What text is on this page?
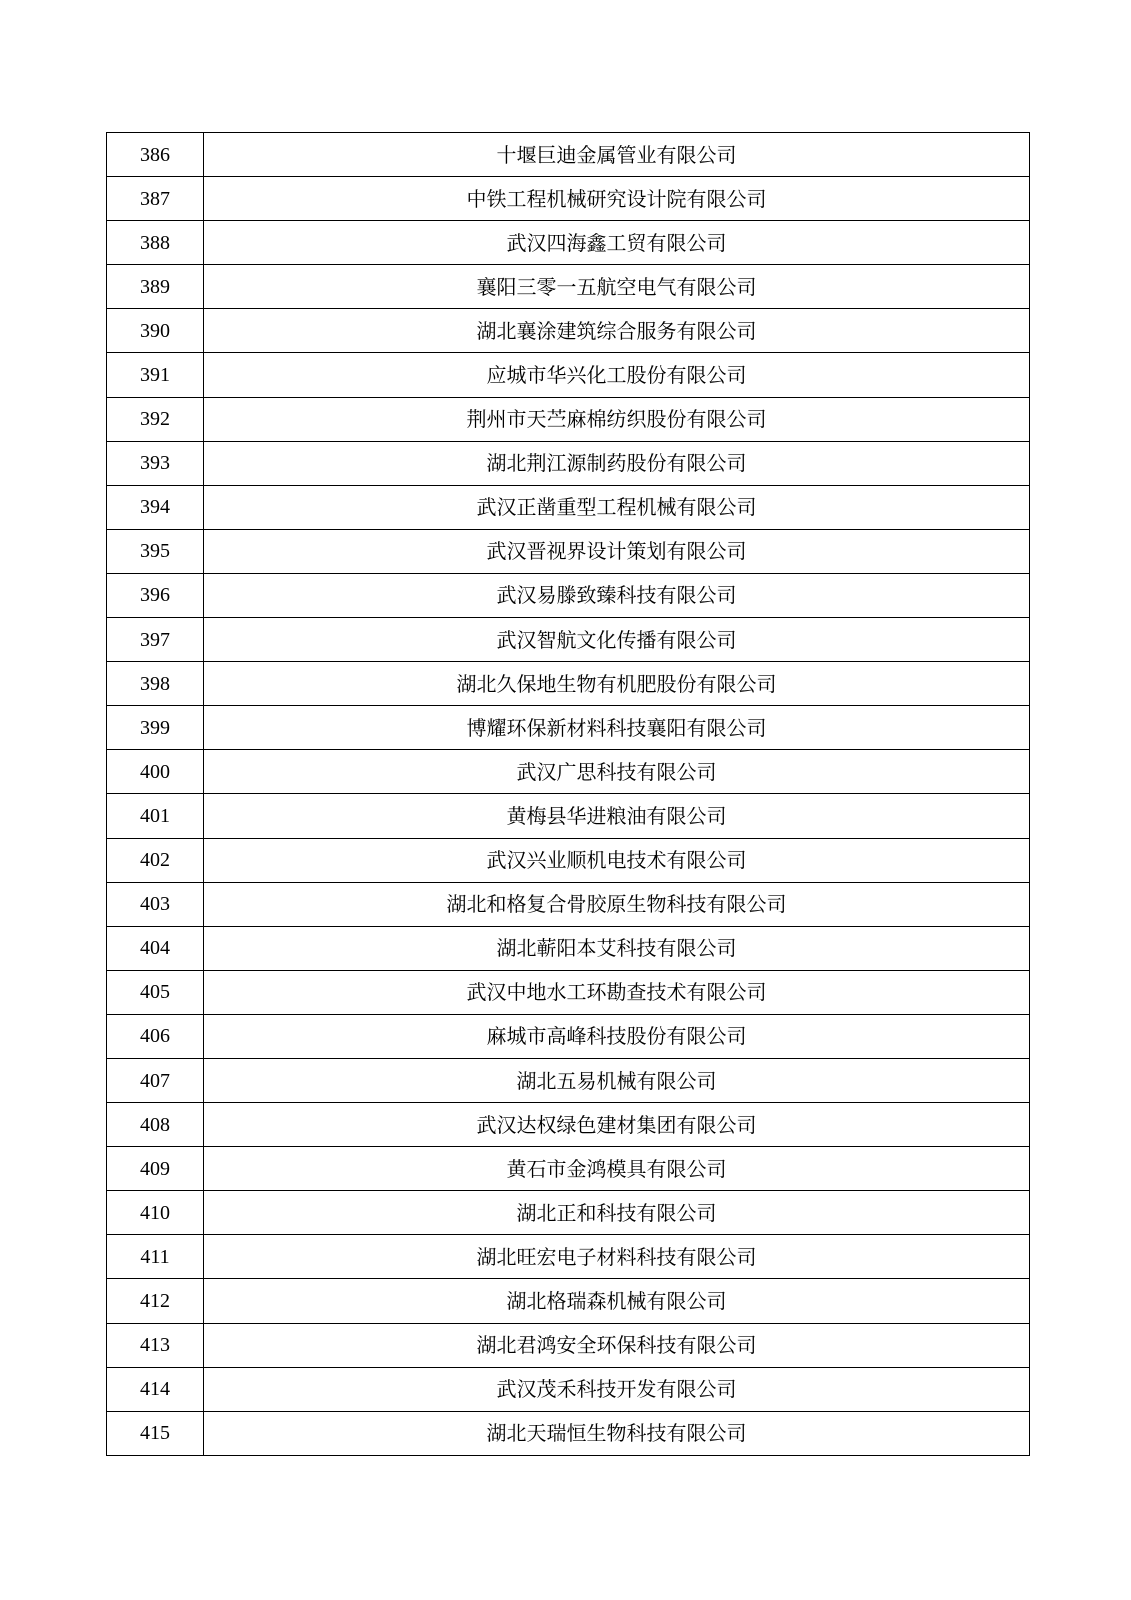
386	十堰巨迪金属管业有限公司
387	中铁工程机械研究设计院有限公司
388	武汉四海鑫工贸有限公司
389	襄阳三零一五航空电气有限公司
390	湖北襄涂建筑综合服务有限公司
391	应城市华兴化工股份有限公司
392	荆州市天苎麻棉纺织股份有限公司
393	湖北荆江源制药股份有限公司
394	武汉正凿重型工程机械有限公司
395	武汉晋视界设计策划有限公司
396	武汉易滕致臻科技有限公司
397	武汉智航文化传播有限公司
398	湖北久保地生物有机肥股份有限公司
399	博耀环保新材料科技襄阳有限公司
400	武汉广思科技有限公司
401	黄梅县华进粮油有限公司
402	武汉兴业顺机电技术有限公司
403	湖北和格复合骨胶原生物科技有限公司
404	湖北蕲阳本艾科技有限公司
405	武汉中地水工环勘查技术有限公司
406	麻城市高峰科技股份有限公司
407	湖北五易机械有限公司
408	武汉达权绿色建材集团有限公司
409	黄石市金鸿模具有限公司
410	湖北正和科技有限公司
411	湖北旺宏电子材料科技有限公司
412	湖北格瑞森机械有限公司
413	湖北君鸿安全环保科技有限公司
414	武汉茂禾科技开发有限公司
415	湖北天瑞恒生物科技有限公司
